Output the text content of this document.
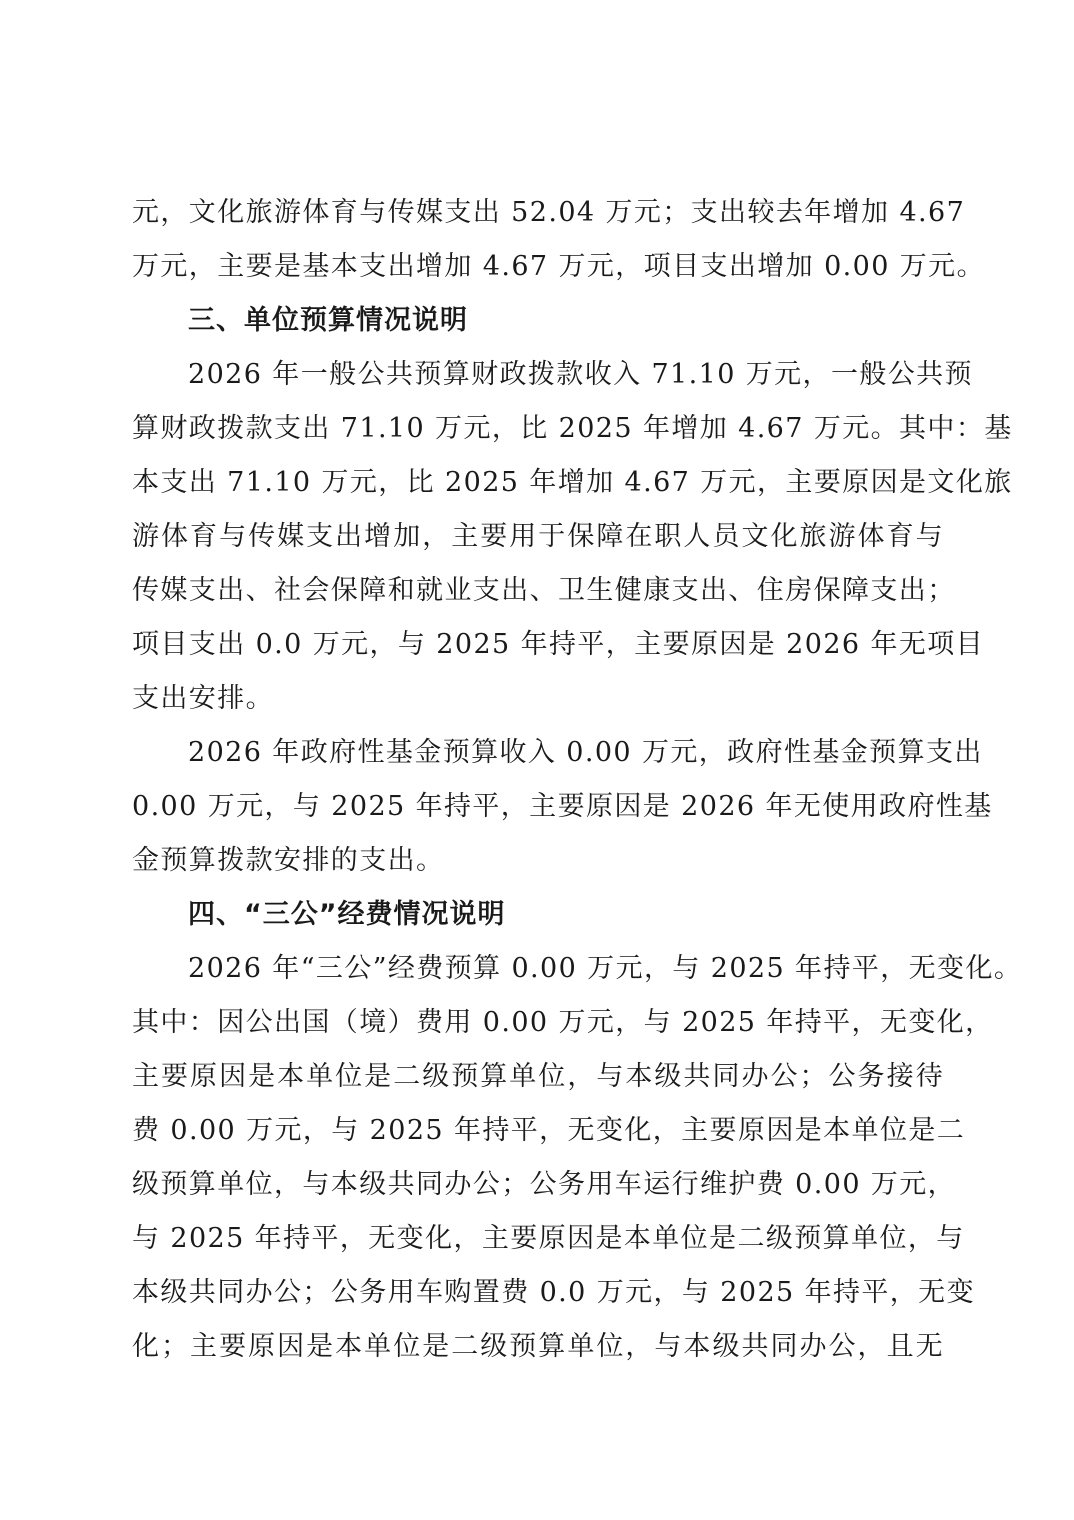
元，文化旅游体育与传媒支出 52.04 万元；支出较去年增加 4.67
万元，主要是基本支出增加 4.67 万元，项目支出增加 0.00 万元。
三、单位预算情况说明
2026 年一般公共预算财政拨款收入 71.10 万元，一般公共预
算财政拨款支出 71.10 万元，比 2025 年增加 4.67 万元。其中：基
本支出 71.10 万元，比 2025 年增加 4.67 万元，主要原因是文化旅
游体育与传媒支出增加，主要用于保障在职人员文化旅游体育与
传媒支出、社会保障和就业支出、卫生健康支出、住房保障支出；
项目支出 0.0 万元，与 2025 年持平，主要原因是 2026 年无项目
支出安排。
2026 年政府性基金预算收入 0.00 万元，政府性基金预算支出
0.00 万元，与 2025 年持平，主要原因是 2026 年无使用政府性基
金预算拨款安排的支出。
四、“三公”经费情况说明
2026 年“三公”经费预算 0.00 万元，与 2025 年持平，无变化。
其中：因公出国（境）费用 0.00 万元，与 2025 年持平，无变化，
主要原因是本单位是二级预算单位，与本级共同办公；公务接待
费 0.00 万元，与 2025 年持平，无变化，主要原因是本单位是二
级预算单位，与本级共同办公；公务用车运行维护费 0.00 万元，
与 2025 年持平，无变化，主要原因是本单位是二级预算单位，与
本级共同办公；公务用车购置费 0.0 万元，与 2025 年持平，无变
化；主要原因是本单位是二级预算单位，与本级共同办公，且无
